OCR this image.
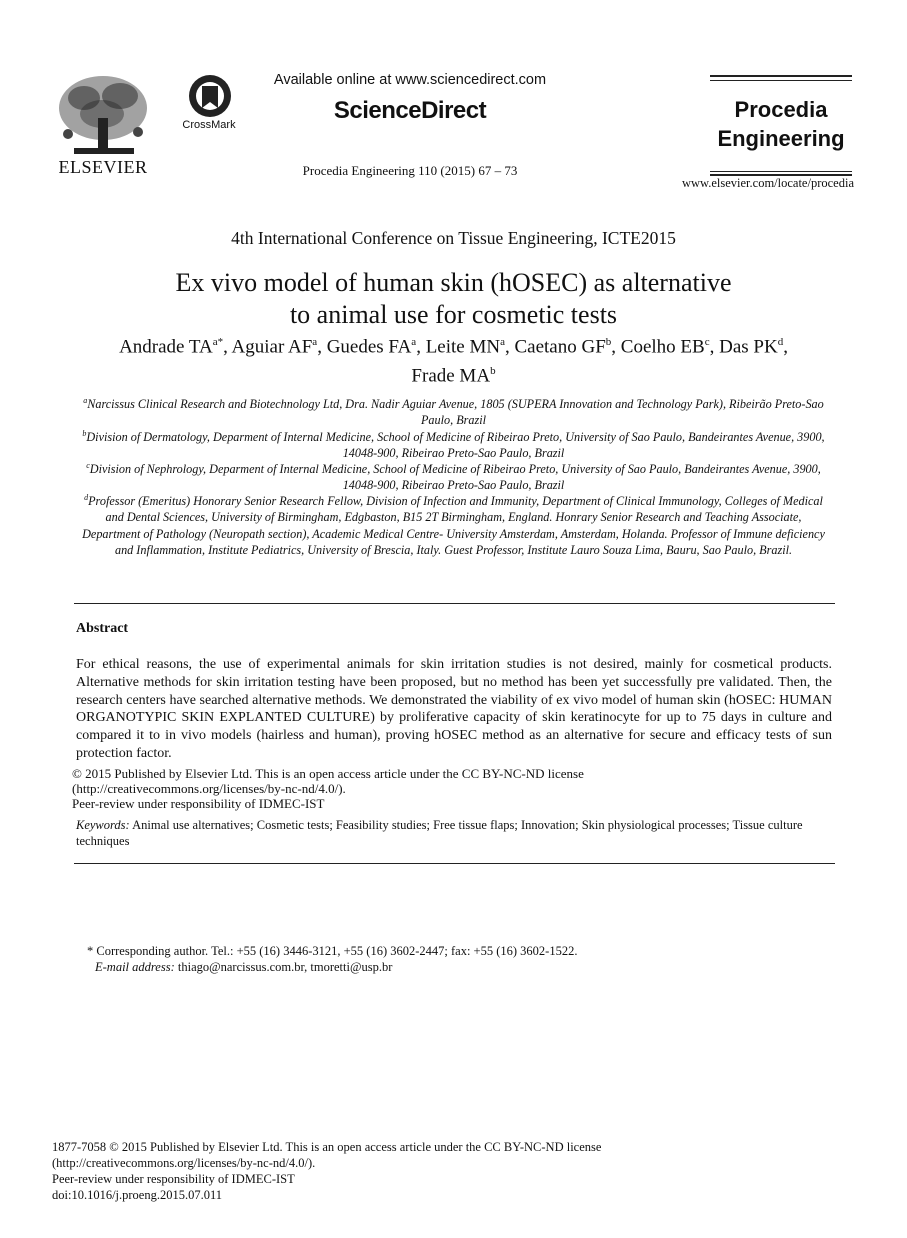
ELSEVIER
CrossMark
Available online at www.sciencedirect.com
ScienceDirect
Procedia Engineering 110 (2015) 67 – 73
Procedia
Engineering
www.elsevier.com/locate/procedia
4th International Conference on Tissue Engineering, ICTE2015
Ex vivo model of human skin (hOSEC) as alternative
to animal use for cosmetic tests
Andrade $TA^{a*}$, Aguiar $AF^a$, Guedes $FA^a$, Leite $MN^a$, Caetano $GF^b$, Coelho $EB^c$, Das $PK^d$,
Frade $MA^b$
$^a$Narcissus Clinical Research and Biotechnology Ltd, Dra. Nadir Aguiar Avenue, 1805 (SUPERA Innovation and Technology Park), Ribeirão Preto-Sao Paulo, Brazil
$^b$Division of Dermatology, Deparment of Internal Medicine, School of Medicine of Ribeirao Preto, University of Sao Paulo, Bandeirantes Avenue, 3900, 14048-900, Ribeirao Preto-Sao Paulo, Brazil
$^c$Division of Nephrology, Deparment of Internal Medicine, School of Medicine of Ribeirao Preto, University of Sao Paulo, Bandeirantes Avenue, 3900, 14048-900, Ribeirao Preto-Sao Paulo, Brazil
$^d$Professor (Emeritus) Honorary Senior Research Fellow, Division of Infection and Immunity, Department of Clinical Immunology, Colleges of Medical and Dental Sciences, University of Birmingham, Edgbaston, B15 2T Birmingham, England. Honrary Senior Research and Teaching Associate, Department of Pathology (Neuropath section), Academic Medical Centre- University Amsterdam, Amsterdam, Holanda. Professor of Immune deficiency and Inflammation, Institute Pediatrics, University of Brescia, Italy. Guest Professor, Institute Lauro Souza Lima, Bauru, Sao Paulo, Brazil.
Abstract
For ethical reasons, the use of experimental animals for skin irritation studies is not desired, mainly for cosmetical products. Alternative methods for skin irritation testing have been proposed, but no method has been yet successfully pre validated. Then, the research centers have searched alternative methods. We demonstrated the viability of ex vivo model of human skin (hOSEC: HUMAN ORGANOTYPIC SKIN EXPLANTED CULTURE) by proliferative capacity of skin keratinocyte for up to 75 days in culture and compared it to in vivo models (hairless and human), proving hOSEC method as an alternative for secure and efficacy tests of sun protection factor.
© 2015 Published by Elsevier Ltd. This is an open access article under the CC BY-NC-ND license
(http://creativecommons.org/licenses/by-nc-nd/4.0/).
Peer-review under responsibility of IDMEC-IST
Keywords: Animal use alternatives; Cosmetic tests; Feasibility studies; Free tissue flaps; Innovation; Skin physiological processes; Tissue culture techniques
* Corresponding author. Tel.: +55 (16) 3446-3121, +55 (16) 3602-2447; fax: +55 (16) 3602-1522.
E-mail address: thiago@narcissus.com.br, tmoretti@usp.br
1877-7058 © 2015 Published by Elsevier Ltd. This is an open access article under the CC BY-NC-ND license
(http://creativecommons.org/licenses/by-nc-nd/4.0/).
Peer-review under responsibility of IDMEC-IST
doi:10.1016/j.proeng.2015.07.011
